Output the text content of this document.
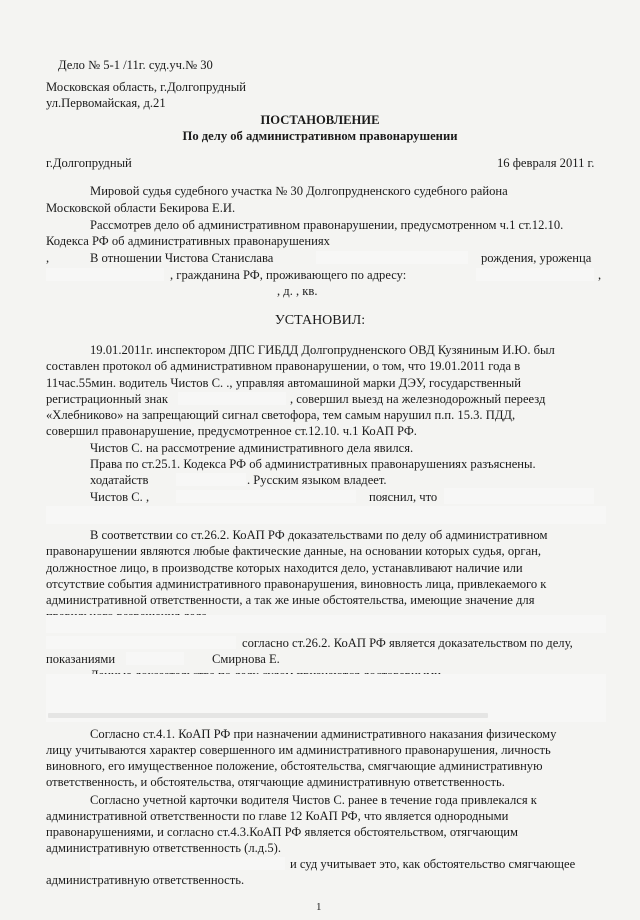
Дело № 5-1 /11г. суд.уч.№ 30
Московская область, г.Долгопрудный
ул.Первомайская, д.21
ПОСТАНОВЛЕНИЕ
По делу об административном правонарушении
г.Долгопрудный	16 февраля 2011 г.
Мировой судья судебного участка № 30 Долгопрудненского судебного района
Московской области Бекирова Е.И.
Рассмотрев дело об административном правонарушении, предусмотренном ч.1 ст.12.10.
Кодекса РФ об административных правонарушениях
В отношении Чистова Станислава	рождения, уроженца
,
, гражданина РФ, проживающего по адресу:	,
, д. , кв.
УСТАНОВИЛ:
19.01.2011г. инспектором ДПС ГИБДД Долгопрудненского ОВД Кузяниным И.Ю. был
составлен протокол об административном правонарушении, о том, что 19.01.2011 года в
11час.55мин. водитель Чистов С. ., управляя автомашиной марки ДЭУ, государственный
регистрационный знак	, совершил выезд на железнодорожный переезд
«Хлебниково» на запрещающий сигнал светофора, тем самым нарушил п.п. 15.3. ПДД,
совершил правонарушение, предусмотренное ст.12.10. ч.1 КоАП РФ.
Чистов С. на рассмотрение административного дела явился.
Права по ст.25.1. Кодекса РФ об административных правонарушениях разъяснены.
ходатайств	. Русским языком владеет.
Чистов С. ,	пояснил, что
В соответствии со ст.26.2. КоАП РФ доказательствами по делу об административном
правонарушении являются любые фактические данные, на основании которых судья, орган,
должностное лицо, в производстве которых находится дело, устанавливают наличие или
отсутствие события административного правонарушения, виновность лица, привлекаемого к
административной ответственности, а так же иные обстоятельства, имеющие значение для
согласно ст.26.2. КоАП РФ является доказательством по делу,
показаниями	Смирнова Е.
Согласно ст.4.1. КоАП РФ при назначении административного наказания физическому
лицу учитываются характер совершенного им административного правонарушения, личность
виновного, его имущественное положение, обстоятельства, смягчающие административную
ответственность, и обстоятельства, отягчающие административную ответственность.
Согласно учетной карточки водителя Чистов С. ранее в течение года привлекался к
административной ответственности по главе 12 КоАП РФ, что является однородными
правонарушениями, и согласно ст.4.3.КоАП РФ является обстоятельством, отягчающим
административную ответственность (л.д.5).
и суд учитывает это, как обстоятельство смягчающее
административную ответственность.
1
